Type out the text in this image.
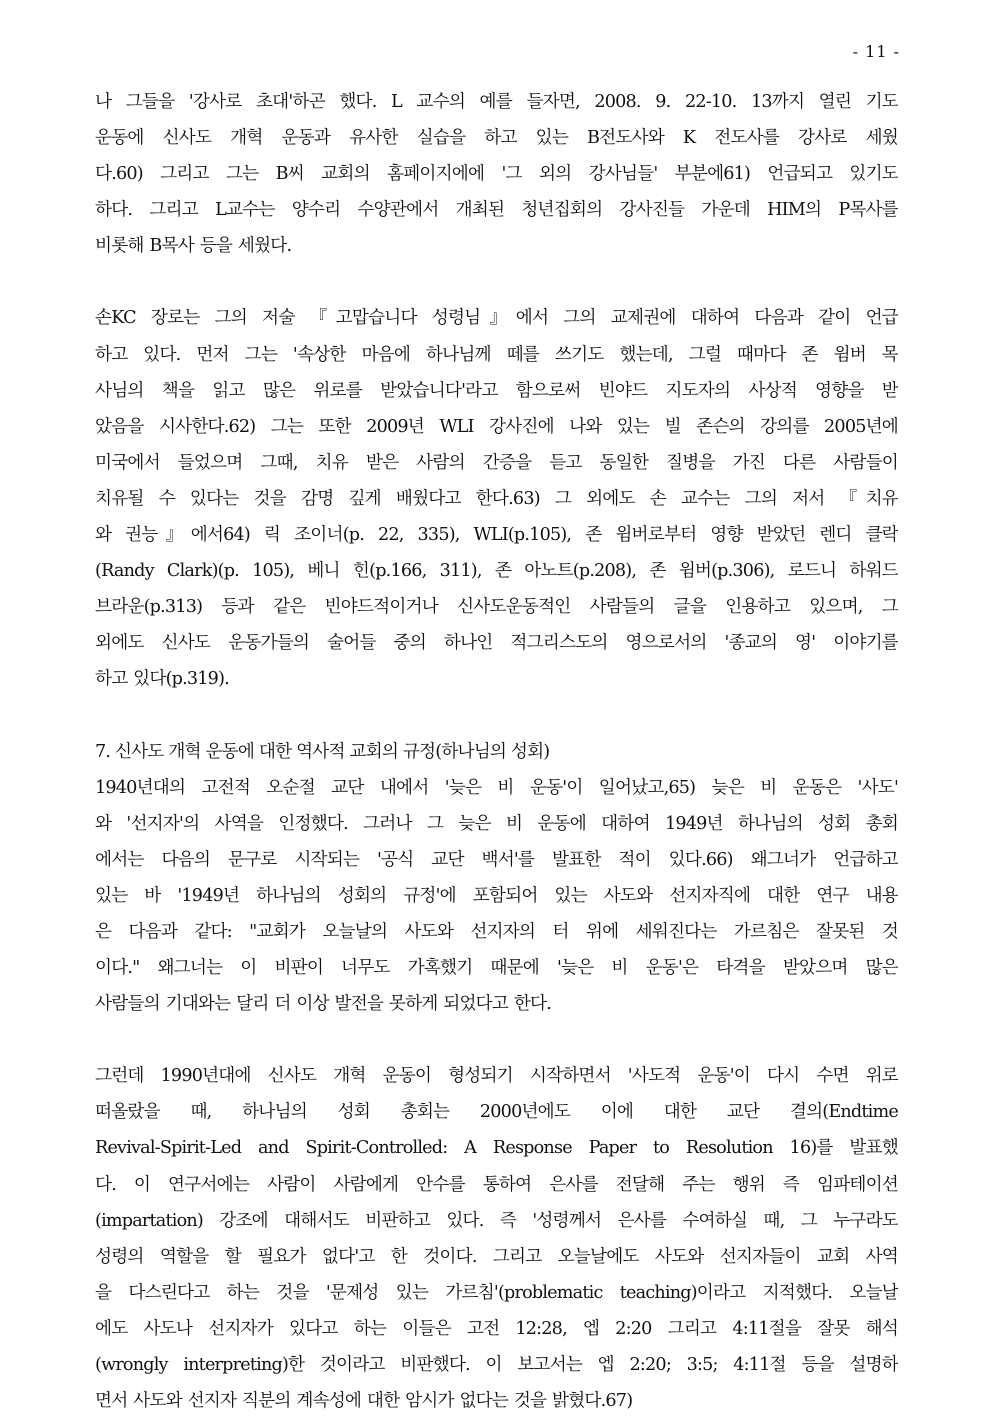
- 11 -
나 그들을 '강사로 초대'하곤 했다. L 교수의 예를 들자면, 2008. 9. 22-10. 13까지 열린 기도
운동에 신사도 개혁 운동과 유사한 실습을 하고 있는 B전도사와 K 전도사를 강사로 세웠
다.60) 그리고 그는 B씨 교회의 홈페이지에에 '그 외의 강사님들' 부분에61) 언급되고 있기도
하다. 그리고 L교수는 양수리 수양관에서 개최된 청년집회의 강사진들 가운데 HIM의 P목사를
비롯해 B목사 등을 세웠다.
손KC 장로는 그의 저술 『고맙습니다 성령님』에서 그의 교제권에 대하여 다음과 같이 언급
하고 있다. 먼저 그는 '속상한 마음에 하나님께 떼를 쓰기도 했는데, 그럴 때마다 존 윔버 목
사님의 책을 읽고 많은 위로를 받았습니다'라고 함으로써 빈야드 지도자의 사상적 영향을 받
았음을 시사한다.62) 그는 또한 2009년 WLI 강사진에 나와 있는 빌 존슨의 강의를 2005년에
미국에서 들었으며 그때, 치유 받은 사람의 간증을 듣고 동일한 질병을 가진 다른 사람들이
치유될 수 있다는 것을 감명 깊게 배웠다고 한다.63) 그 외에도 손 교수는 그의 저서 『치유
와 권능』에서64) 릭 조이너(p. 22, 335), WLI(p.105), 존 윔버로부터 영향 받았던 렌디 클락
(Randy Clark)(p. 105), 베니 힌(p.166, 311), 존 아노트(p.208), 존 윔버(p.306), 로드니 하워드
브라운(p.313) 등과 같은 빈야드적이거나 신사도운동적인 사람들의 글을 인용하고 있으며, 그
외에도 신사도 운동가들의 술어들 중의 하나인 적그리스도의 영으로서의 '종교의 영' 이야기를
하고 있다(p.319).
7. 신사도 개혁 운동에 대한 역사적 교회의 규정(하나님의 성회)
1940년대의 고전적 오순절 교단 내에서 '늦은 비 운동'이 일어났고,65) 늦은 비 운동은 '사도'
와 '선지자'의 사역을 인정했다. 그러나 그 늦은 비 운동에 대하여 1949년 하나님의 성회 총회
에서는 다음의 문구로 시작되는 '공식 교단 백서'를 발표한 적이 있다.66) 왜그너가 언급하고
있는 바 '1949년 하나님의 성회의 규정'에 포함되어 있는 사도와 선지자직에 대한 연구 내용
은 다음과 같다: "교회가 오늘날의 사도와 선지자의 터 위에 세워진다는 가르침은 잘못된 것
이다." 왜그너는 이 비판이 너무도 가혹했기 때문에 '늦은 비 운동'은 타격을 받았으며 많은
사람들의 기대와는 달리 더 이상 발전을 못하게 되었다고 한다.
그런데 1990년대에 신사도 개혁 운동이 형성되기 시작하면서 '사도적 운동'이 다시 수면 위로
떠올랐을 때, 하나님의 성회 총회는 2000년에도 이에 대한 교단 결의(Endtime
Revival-Spirit-Led and Spirit-Controlled: A Response Paper to Resolution 16)를 발표했
다. 이 연구서에는 사람이 사람에게 안수를 통하여 은사를 전달해 주는 행위 즉 임파테이션
(impartation) 강조에 대해서도 비판하고 있다. 즉 '성령께서 은사를 수여하실 때, 그 누구라도
성령의 역할을 할 필요가 없다'고 한 것이다. 그리고 오늘날에도 사도와 선지자들이 교회 사역
을 다스린다고 하는 것을 '문제성 있는 가르침'(problematic teaching)이라고 지적했다. 오늘날
에도 사도나 선지자가 있다고 하는 이들은 고전 12:28, 엡 2:20 그리고 4:11절을 잘못 해석
(wrongly interpreting)한 것이라고 비판했다. 이 보고서는 엡 2:20; 3:5; 4:11절 등을 설명하
면서 사도와 선지자 직분의 계속성에 대한 암시가 없다는 것을 밝혔다.67)
